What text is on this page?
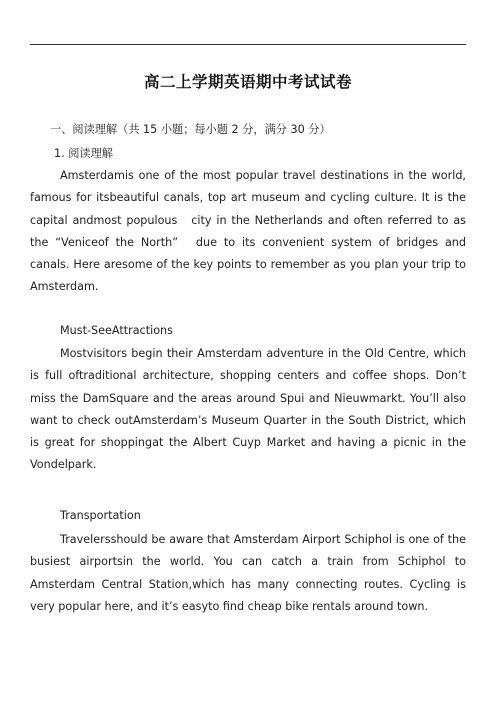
高二上学期英语期中考试试卷
一、阅读理解（共 15 小题；每小题 2 分，满分 30 分）
1. 阅读理解

Amsterdamis one of the most popular travel destinations in the world, famous for itsbeautiful canals, top art museum and cycling culture. It is the capital andmost populous　city in the Netherlands and often referred to as the “Veniceof the North”　due to its convenient system of bridges and canals. Here aresome of the key points to remember as you plan your trip to Amsterdam.

Must-SeeAttractions

Mostvisitors begin their Amsterdam adventure in the Old Centre, which is full oftraditional architecture, shopping centers and coffee shops. Don’t miss the DamSquare and the areas around Spui and Nieuwmarkt. You’ll also want to check outAmsterdam’s Museum Quarter in the South District, which is great for shoppingat the Albert Cuyp Market and having a picnic in the Vondelpark.

Transportation

Travelersshould be aware that Amsterdam Airport Schiphol is one of the busiest airportsin the world. You can catch a train from Schiphol to Amsterdam Central Station,which has many connecting routes. Cycling is very popular here, and it’s easyto find cheap bike rentals around town.
